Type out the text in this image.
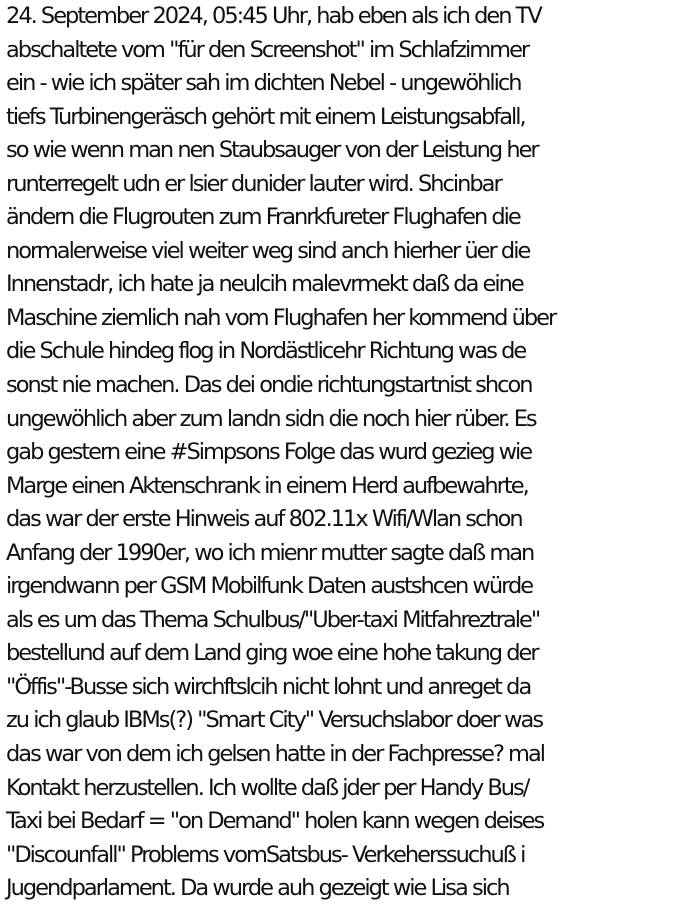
24. September 2024, 05:45 Uhr, hab eben als ich den TV
abschaltete vom "für den Screenshot" im Schlafzimmer
ein - wie ich später sah im dichten Nebel - ungewöhlich
tiefs Turbinengeräsch gehört mit einem Leistungsabfall,
so wie wenn man nen Staubsauger von der Leistung her
runterregelt udn er lsier dunider lauter wird. Shcinbar
ändern die Flugrouten zum Franrkfureter Flughafen die
normalerweise viel weiter weg sind anch hierher üer die
Innenstadr, ich hate ja neulcih malevrmekt daß da eine
Maschine ziemlich nah vom Flughafen her kommend über
die Schule hindeg flog in Nordästlicehr Richtung was de
sonst nie machen. Das dei ondie richtungstartnist shcon
ungewöhlich aber zum landn sidn die noch hier rüber. Es
gab gestern eine #Simpsons Folge das wurd gezieg wie
Marge einen Aktenschrank in einem Herd aufbewahrte,
das war der erste Hinweis auf 802.11x Wifi/Wlan schon
Anfang der 1990er, wo ich mienr mutter sagte daß man
irgendwann per GSM Mobilfunk Daten austshcen würde
als es um das Thema Schulbus/"Uber-taxi Mitfahreztrale"
bestellund auf dem Land ging woe eine hohe takung der
"Öffis"-Busse sich wirchftslcih nicht lohnt und anreget da
zu ich glaub IBMs(?) "Smart City" Versuchslabor doer was
das war von dem ich gelsen hatte in der Fachpresse? mal
Kontakt herzustellen. Ich wollte daß jder per Handy Bus/
Taxi bei Bedarf = "on Demand" holen kann wegen deises
"Discounfall" Problems vomSatsbus- Verkeherssuchuß i
Jugendparlament. Da wurde auh gezeigt wie Lisa sich
